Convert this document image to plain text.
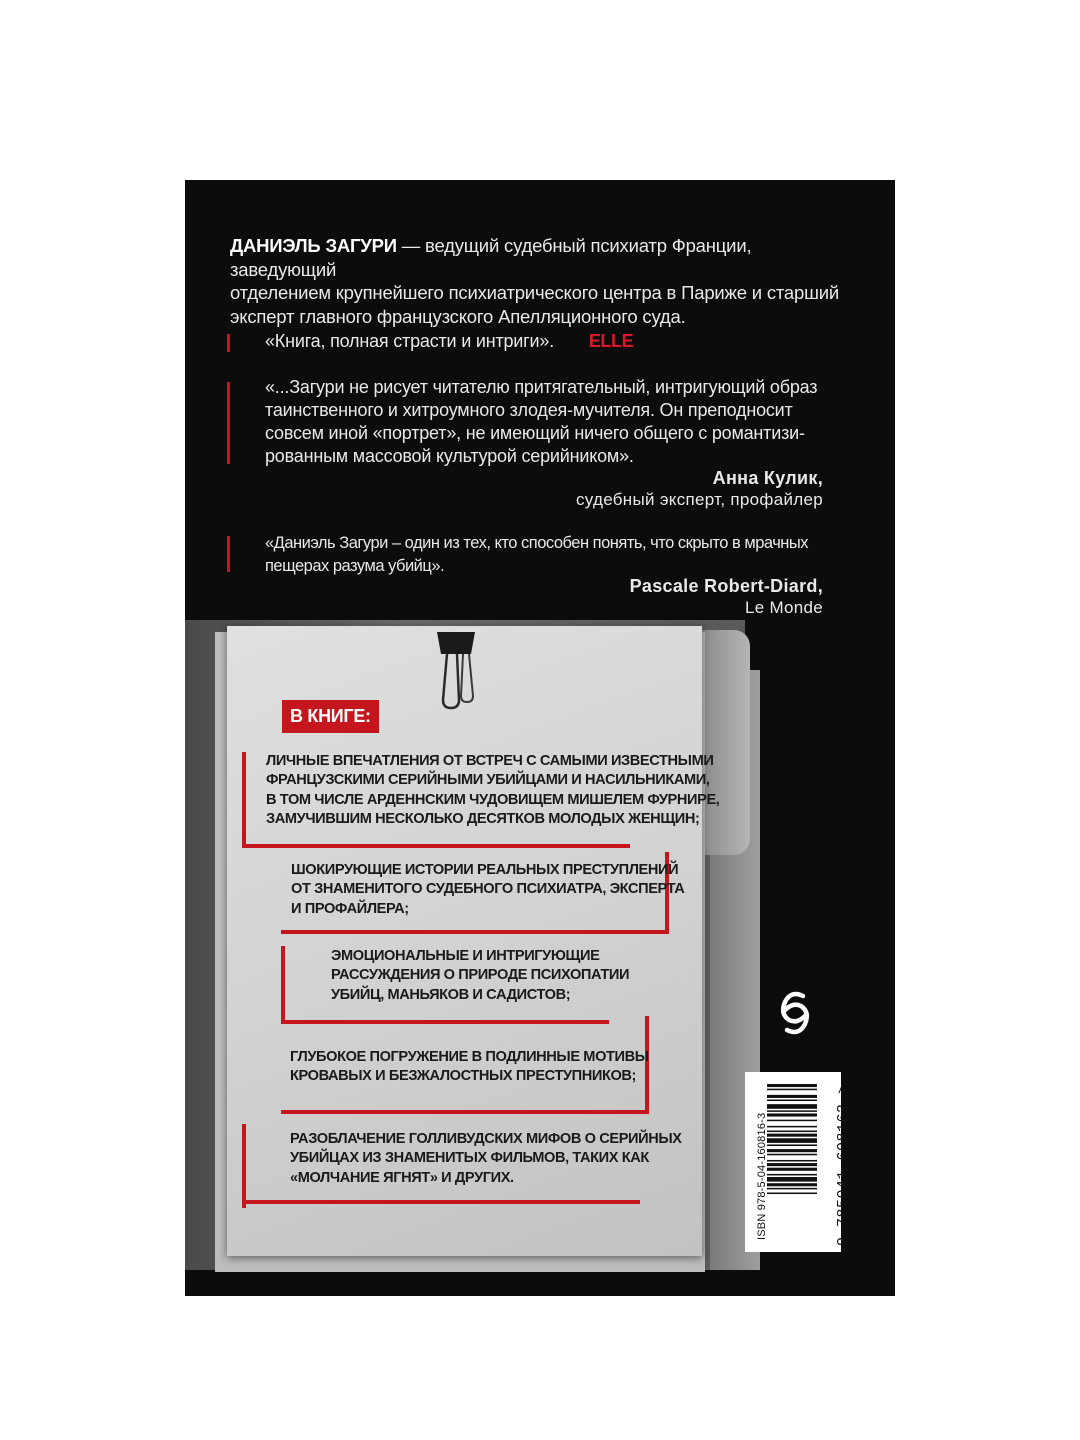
ДАНИЭЛЬ ЗАГУРИ — ведущий судебный психиатр Франции, заведующий
отделением крупнейшего психиатрического центра в Париже и старший
эксперт главного французского Апелляционного суда.
«Книга, полная страсти и интриги». ELLE
«...Загури не рисует читателю притягательный, интригующий образ
таинственного и хитроумного злодея-мучителя. Он преподносит
совсем иной «портрет», не имеющий ничего общего с романтизи-
рованным массовой культурой серийником».
Анна Кулик,
судебный эксперт, профайлер
«Даниэль Загури – один из тех, кто способен понять, что скрыто в мрачных
пещерах разума убийц».
Pascale Robert-Diard,
Le Monde
В КНИГЕ:
ЛИЧНЫЕ ВПЕЧАТЛЕНИЯ ОТ ВСТРЕЧ С САМЫМИ ИЗВЕСТНЫМИ
ФРАНЦУЗСКИМИ СЕРИЙНЫМИ УБИЙЦАМИ И НАСИЛЬНИКАМИ,
В ТОМ ЧИСЛЕ АРДЕННСКИМ ЧУДОВИЩЕМ МИШЕЛЕМ ФУРНИРЕ,
ЗАМУЧИВШИМ НЕСКОЛЬКО ДЕСЯТКОВ МОЛОДЫХ ЖЕНЩИН;
ШОКИРУЮЩИЕ ИСТОРИИ РЕАЛЬНЫХ ПРЕСТУПЛЕНИЙ
ОТ ЗНАМЕНИТОГО СУДЕБНОГО ПСИХИАТРА, ЭКСПЕРТА
И ПРОФАЙЛЕРА;
ЭМОЦИОНАЛЬНЫЕ И ИНТРИГУЮЩИЕ
РАССУЖДЕНИЯ О ПРИРОДЕ ПСИХОПАТИИ
УБИЙЦ, МАНЬЯКОВ И САДИСТОВ;
ГЛУБОКОЕ ПОГРУЖЕНИЕ В ПОДЛИННЫЕ МОТИВЫ
КРОВАВЫХ И БЕЗЖАЛОСТНЫХ ПРЕСТУПНИКОВ;
РАЗОБЛАЧЕНИЕ ГОЛЛИВУДСКИХ МИФОВ О СЕРИЙНЫХ
УБИЙЦАХ ИЗ ЗНАМЕНИТЫХ ФИЛЬМОВ, ТАКИХ КАК
«МОЛЧАНИЕ ЯГНЯТ» И ДРУГИХ.	ISBN 978-5-04-160816-3	9 785041 608163 >
